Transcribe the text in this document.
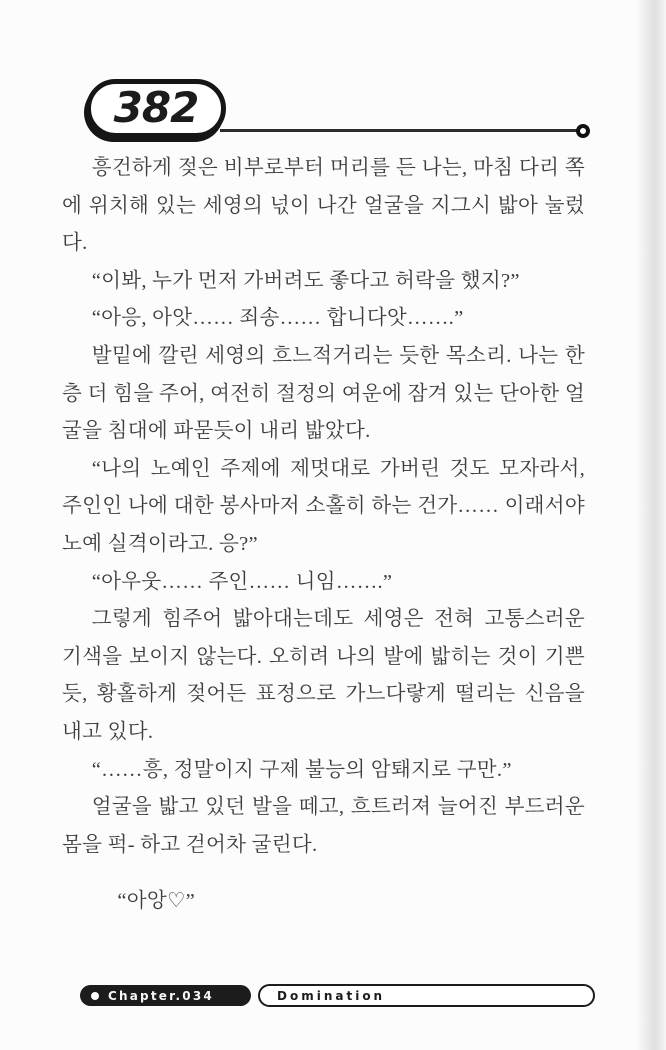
382

흥건하게 젖은 비부로부터 머리를 든 나는, 마침 다리 쪽에 위치해 있는 세영의 넋이 나간 얼굴을 지그시 밟아 눌렀다.

“이봐, 누가 먼저 가버려도 좋다고 허락을 했지?”

“아응, 아앗…… 죄송…… 합니다앗…….”

발밑에 깔린 세영의 흐느적거리는 듯한 목소리. 나는 한층 더 힘을 주어, 여전히 절정의 여운에 잠겨 있는 단아한 얼굴을 침대에 파묻듯이 내리 밟았다.

“나의 노예인 주제에 제멋대로 가버린 것도 모자라서, 주인인 나에 대한 봉사마저 소홀히 하는 건가…… 이래서야 노예 실격이라고. 응?”

“아우웃…… 주인…… 니임…….”

그렇게 힘주어 밟아대는데도 세영은 전혀 고통스러운 기색을 보이지 않는다. 오히려 나의 발에 밟히는 것이 기쁜 듯, 황홀하게 젖어든 표정으로 가느다랗게 떨리는 신음을 내고 있다.

“……흥, 정말이지 구제 불능의 암퇘지로 구만.”

얼굴을 밟고 있던 발을 떼고, 흐트러져 늘어진 부드러운 몸을 퍽- 하고 걷어차 굴린다.

“아앙♡”

Chapter.034	Domination
